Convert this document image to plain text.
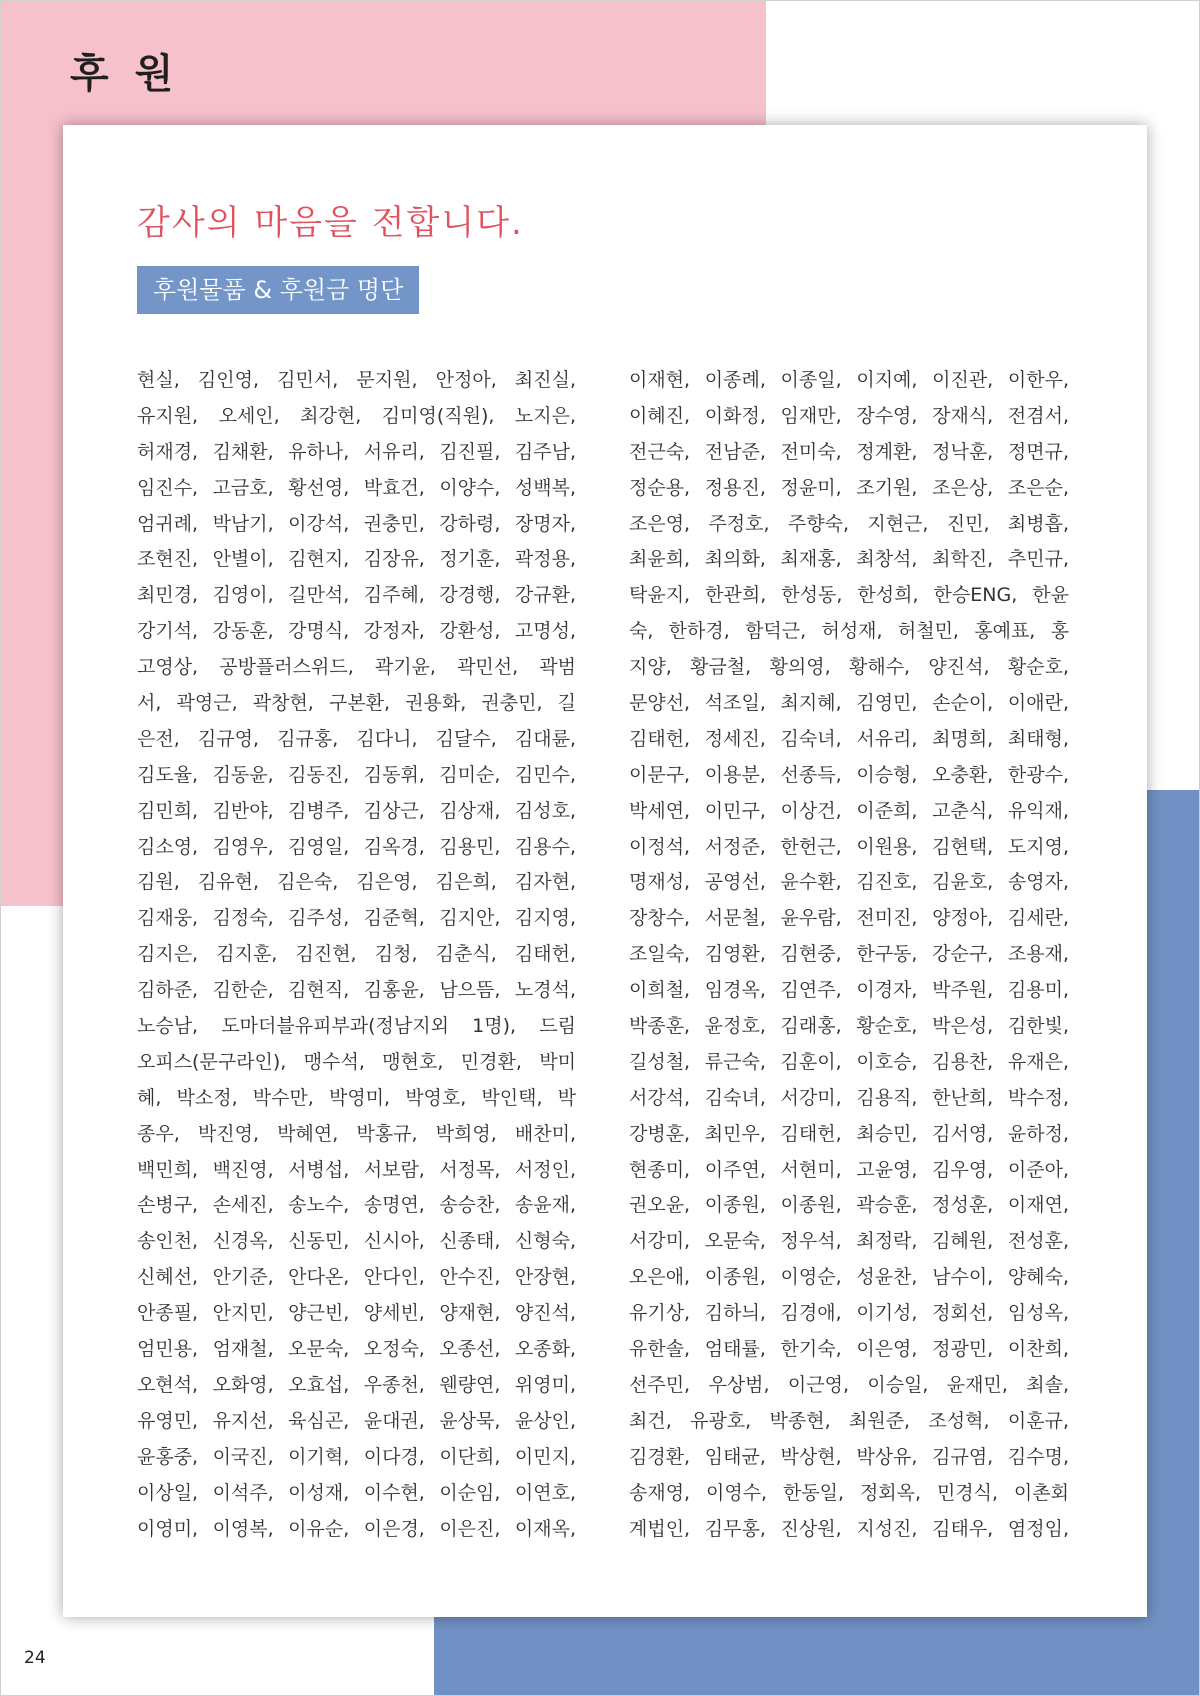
후 원
감사의 마음을 전합니다.
후원물품 & 후원금 명단
현실, 김인영, 김민서, 문지원, 안정아, 최진실,
유지원, 오세인, 최강현, 김미영(직원), 노지은,
허재경, 김채환, 유하나, 서유리, 김진필, 김주남,
임진수, 고금호, 황선영, 박효건, 이양수, 성백복,
엄귀례, 박남기, 이강석, 권충민, 강하령, 장명자,
조현진, 안별이, 김현지, 김장유, 정기훈, 곽정용,
최민경, 김영이, 길만석, 김주혜, 강경행, 강규환,
강기석, 강동훈, 강명식, 강정자, 강환성, 고명성,
고영상, 공방플러스위드, 곽기윤, 곽민선, 곽범
서, 곽영근, 곽창현, 구본환, 권용화, 권충민, 길
은전, 김규영, 김규홍, 김다니, 김달수, 김대륜,
김도율, 김동윤, 김동진, 김동휘, 김미순, 김민수,
김민희, 김반야, 김병주, 김상근, 김상재, 김성호,
김소영, 김영우, 김영일, 김옥경, 김용민, 김용수,
김원, 김유현, 김은숙, 김은영, 김은희, 김자현,
김재웅, 김정숙, 김주성, 김준혁, 김지안, 김지영,
김지은, 김지훈, 김진현, 김청, 김춘식, 김태헌,
김하준, 김한순, 김현직, 김홍윤, 남으뜸, 노경석,
노승남, 도마더블유피부과(정남지외 1명), 드림
오피스(문구라인), 맹수석, 맹현호, 민경환, 박미
혜, 박소정, 박수만, 박영미, 박영호, 박인택, 박
종우, 박진영, 박혜연, 박홍규, 박희영, 배찬미,
백민희, 백진영, 서병섭, 서보람, 서정목, 서정인,
손병구, 손세진, 송노수, 송명연, 송승찬, 송윤재,
송인천, 신경옥, 신동민, 신시아, 신종태, 신형숙,
신혜선, 안기준, 안다온, 안다인, 안수진, 안장현,
안종필, 안지민, 양근빈, 양세빈, 양재현, 양진석,
엄민용, 엄재철, 오문숙, 오정숙, 오종선, 오종화,
오현석, 오화영, 오효섭, 우종천, 웬량연, 위영미,
유영민, 유지선, 육심곤, 윤대권, 윤상묵, 윤상인,
윤홍중, 이국진, 이기혁, 이다경, 이단희, 이민지,
이상일, 이석주, 이성재, 이수현, 이순임, 이연호,
이영미, 이영복, 이유순, 이은경, 이은진, 이재옥,
이재현, 이종례, 이종일, 이지예, 이진관, 이한우,
이혜진, 이화정, 임재만, 장수영, 장재식, 전겸서,
전근숙, 전남준, 전미숙, 정계환, 정낙훈, 정면규,
정순용, 정용진, 정윤미, 조기원, 조은상, 조은순,
조은영, 주정호, 주향숙, 지현근, 진민, 최병흡,
최윤희, 최의화, 최재홍, 최창석, 최학진, 추민규,
탁윤지, 한관희, 한성동, 한성희, 한승ENG, 한윤
숙, 한하경, 함덕근, 허성재, 허철민, 홍예표, 홍
지양, 황금철, 황의영, 황해수, 양진석, 황순호,
문양선, 석조일, 최지혜, 김영민, 손순이, 이애란,
김태헌, 정세진, 김숙녀, 서유리, 최명희, 최태형,
이문구, 이용분, 선종득, 이승형, 오충환, 한광수,
박세연, 이민구, 이상건, 이준희, 고춘식, 유익재,
이정석, 서정준, 한헌근, 이원용, 김현택, 도지영,
명재성, 공영선, 윤수환, 김진호, 김윤호, 송영자,
장창수, 서문철, 윤우람, 전미진, 양정아, 김세란,
조일숙, 김영환, 김현중, 한구동, 강순구, 조용재,
이희철, 임경옥, 김연주, 이경자, 박주원, 김용미,
박종훈, 윤정호, 김래홍, 황순호, 박은성, 김한빛,
길성철, 류근숙, 김훈이, 이호승, 김용찬, 유재은,
서강석, 김숙녀, 서강미, 김용직, 한난희, 박수정,
강병훈, 최민우, 김태헌, 최승민, 김서영, 윤하정,
현종미, 이주연, 서현미, 고윤영, 김우영, 이준아,
권오윤, 이종원, 이종원, 곽승훈, 정성훈, 이재연,
서강미, 오문숙, 정우석, 최정락, 김혜원, 전성훈,
오은애, 이종원, 이영순, 성윤찬, 남수이, 양혜숙,
유기상, 김하늬, 김경애, 이기성, 정회선, 임성옥,
유한솔, 엄태률, 한기숙, 이은영, 정광민, 이찬희,
선주민, 우상범, 이근영, 이승일, 윤재민, 최솔,
최건, 유광호, 박종현, 최원준, 조성혁, 이훈규,
김경환, 임태균, 박상현, 박상유, 김규염, 김수명,
송재영, 이영수, 한동일, 정회옥, 민경식, 이촌회
계법인, 김무홍, 진상원, 지성진, 김태우, 염정임,
24
